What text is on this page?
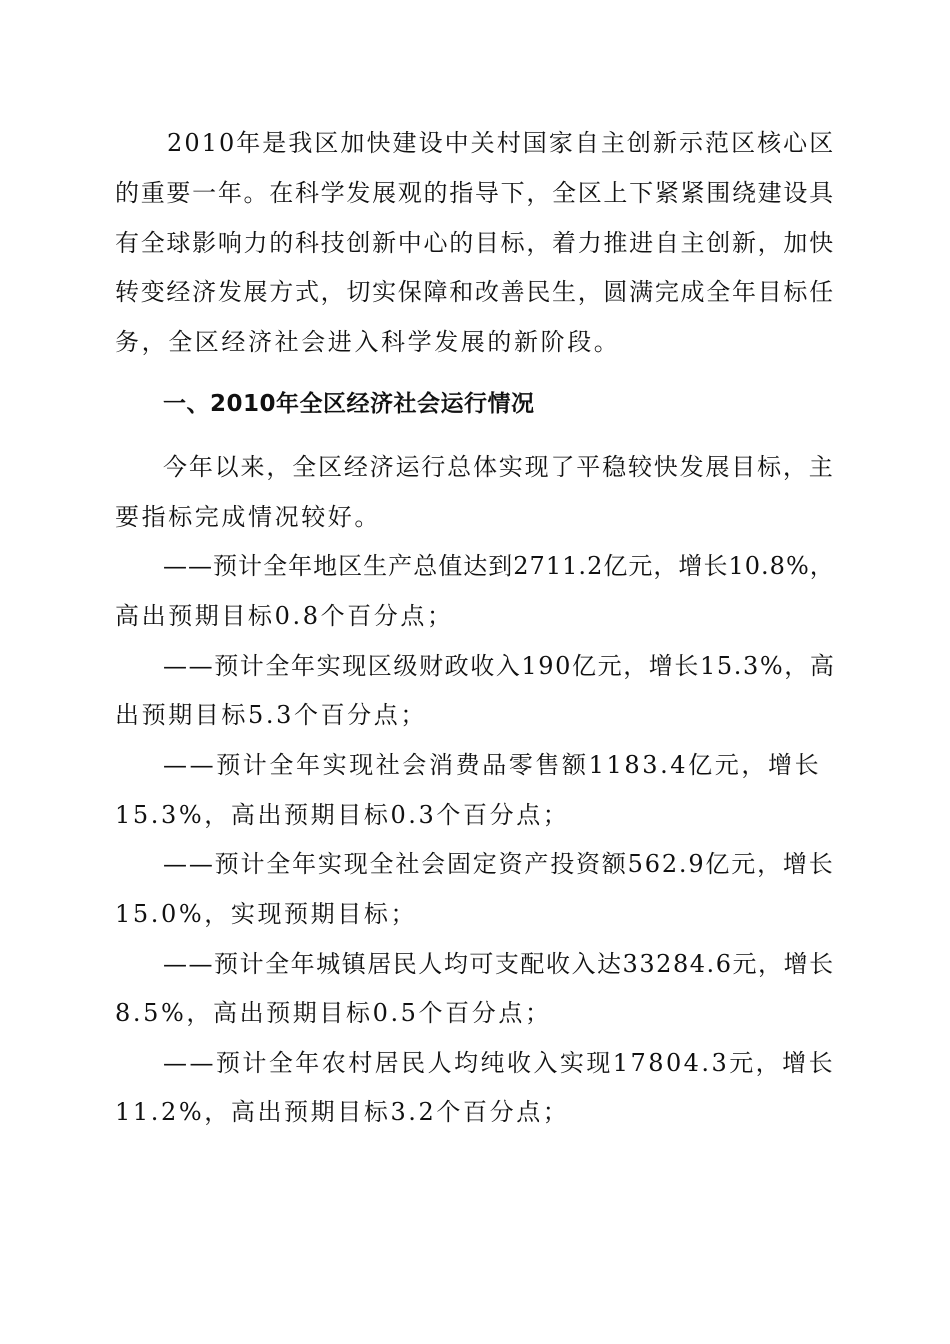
2010年是我区加快建设中关村国家自主创新示范区核心区
的重要一年。在科学发展观的指导下，全区上下紧紧围绕建设具
有全球影响力的科技创新中心的目标，着力推进自主创新，加快
转变经济发展方式，切实保障和改善民生，圆满完成全年目标任
务，全区经济社会进入科学发展的新阶段。
一、2010年全区经济社会运行情况
今年以来，全区经济运行总体实现了平稳较快发展目标，主
要指标完成情况较好。
——预计全年地区生产总值达到2711.2亿元，增长10.8%，
高出预期目标0.8个百分点；
——预计全年实现区级财政收入190亿元，增长15.3%，高
出预期目标5.3个百分点；
——预计全年实现社会消费品零售额1183.4亿元，增长
15.3%，高出预期目标0.3个百分点；
——预计全年实现全社会固定资产投资额562.9亿元，增长
15.0%，实现预期目标；
——预计全年城镇居民人均可支配收入达33284.6元，增长
8.5%，高出预期目标0.5个百分点；
——预计全年农村居民人均纯收入实现17804.3元，增长
11.2%，高出预期目标3.2个百分点；
